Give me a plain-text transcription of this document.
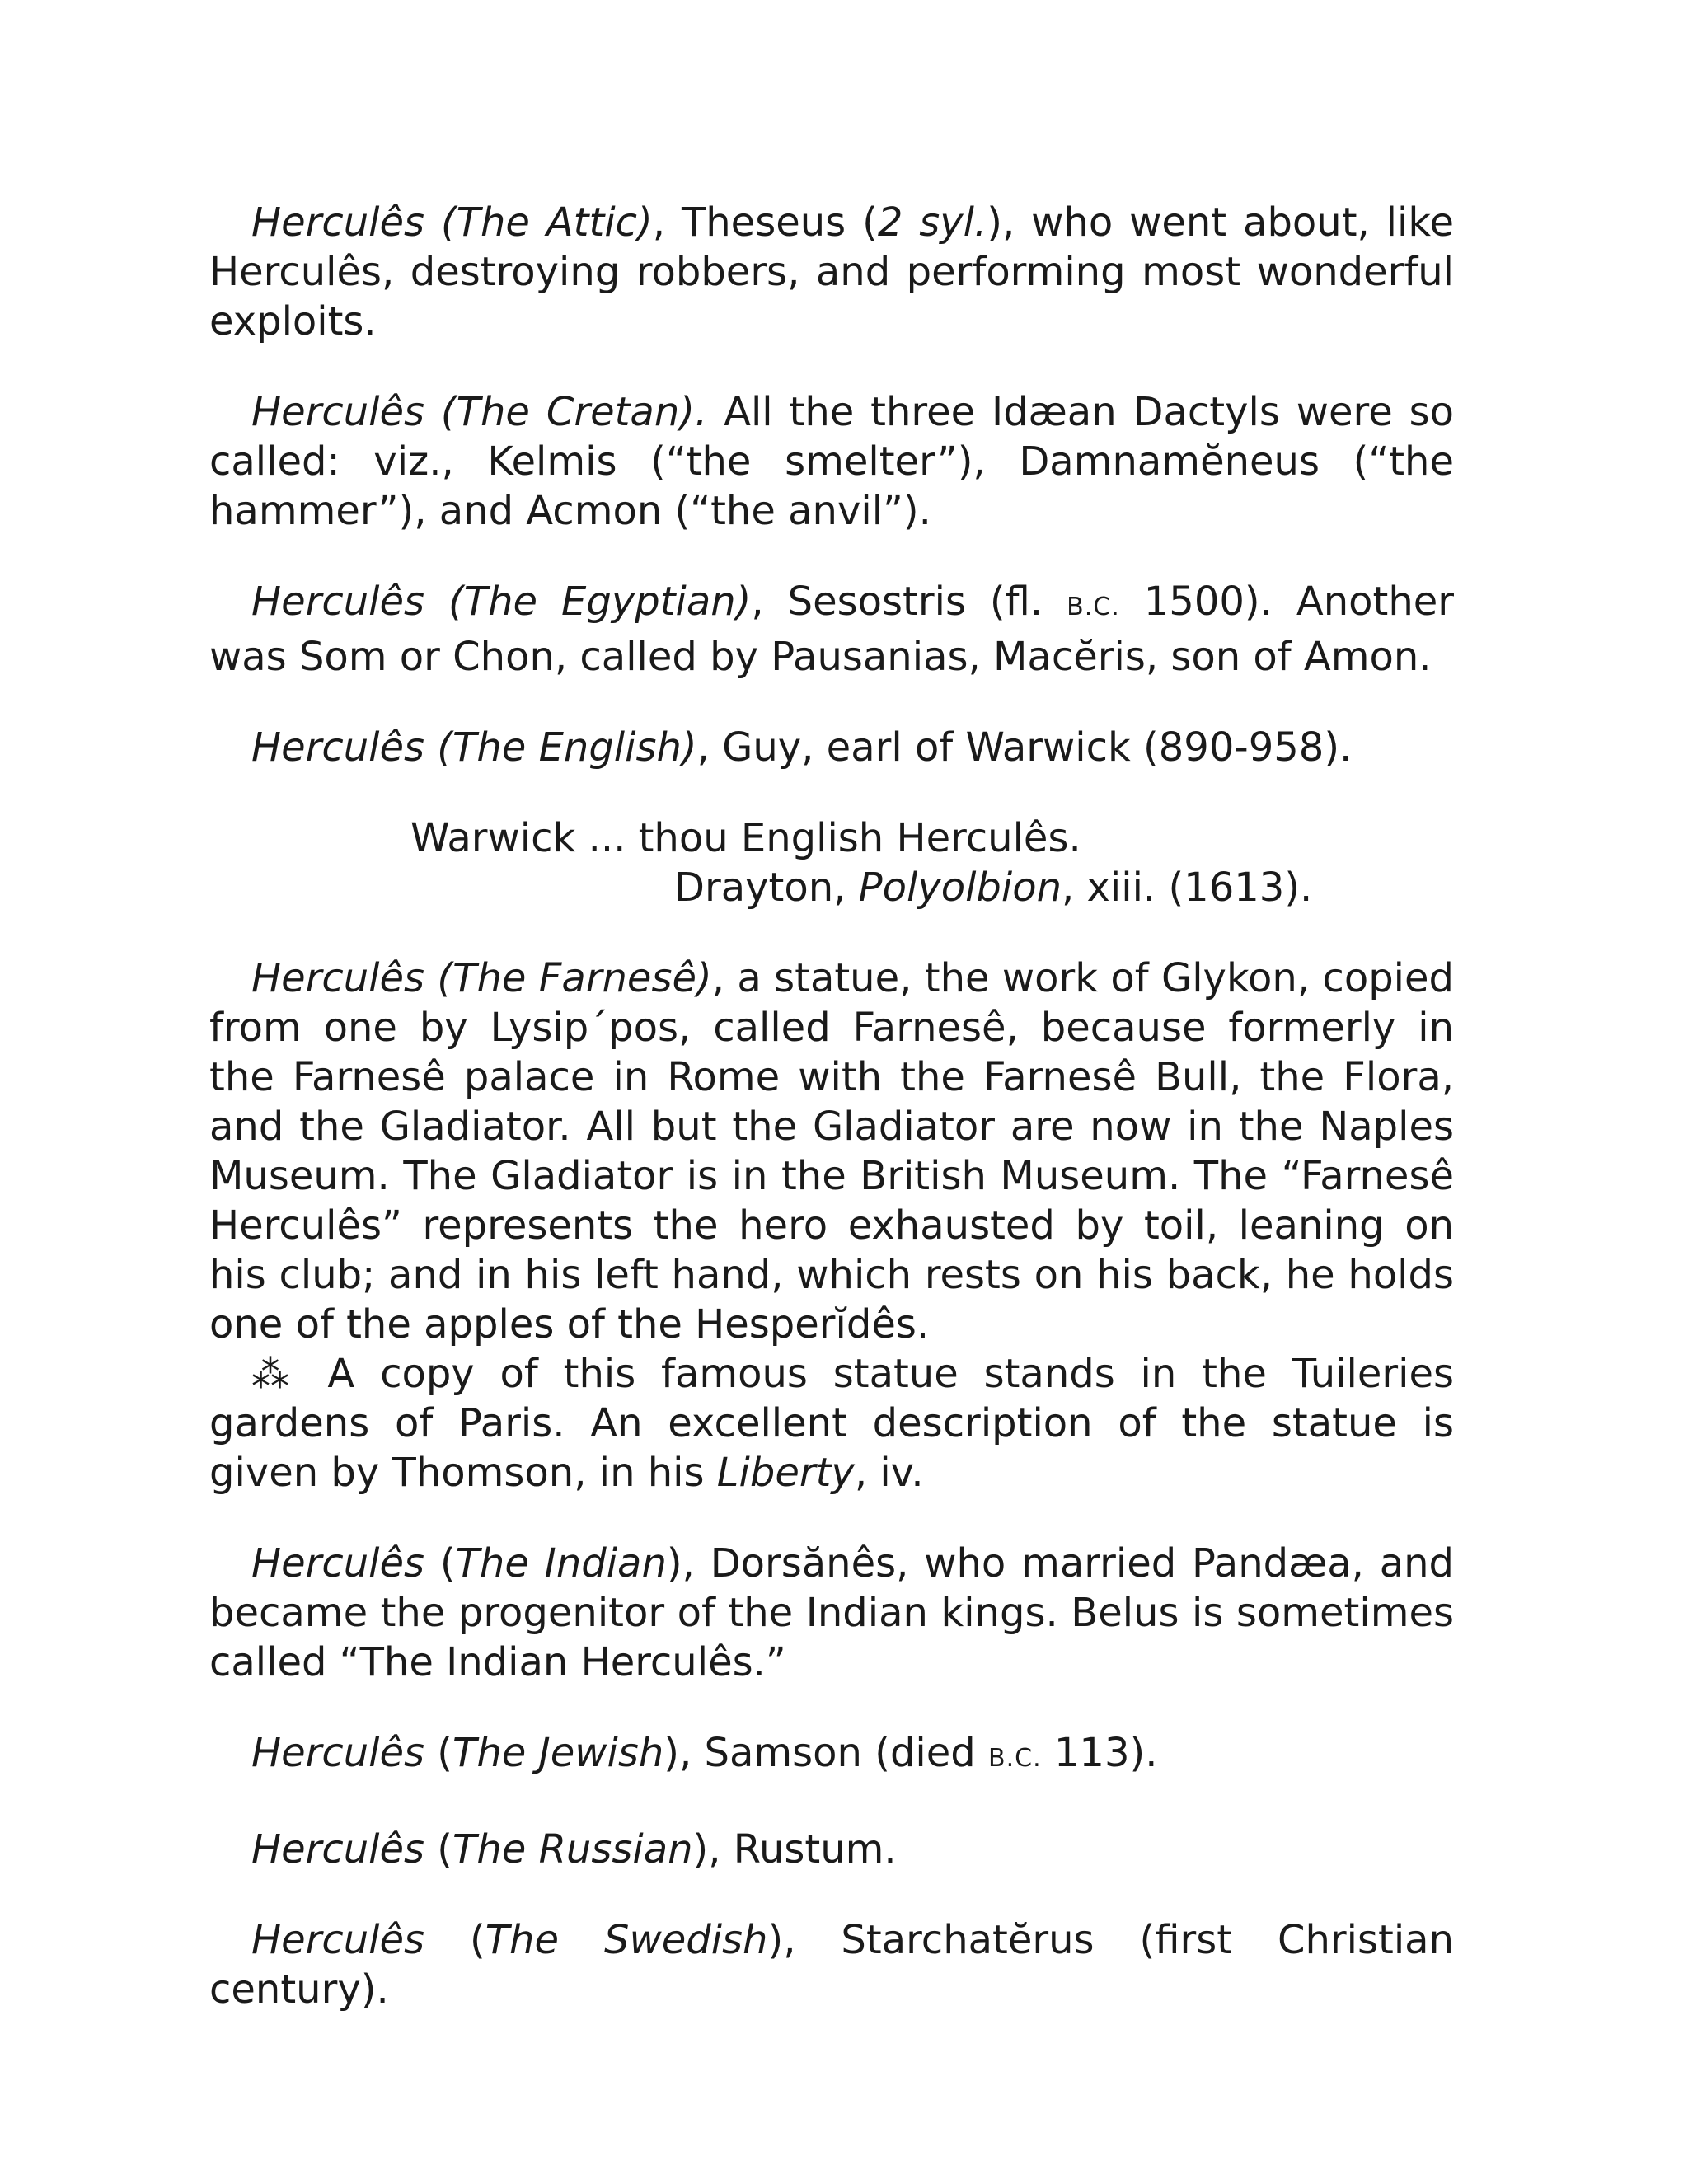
Herculês (The Attic), Theseus (2 syl.), who went about, like Herculês, destroying robbers, and performing most wonderful exploits.
Herculês (The Cretan). All the three Idæan Dactyls were so called: viz., Kelmis (“the smelter”), Damnamĕneus (“the hammer”), and Acmon (“the anvil”).
Herculês (The Egyptian), Sesostris (fl. B.C. 1500). Another was Som or Chon, called by Pausanias, Macĕris, son of Amon.
Herculês (The English), Guy, earl of Warwick (890-958).
Warwick ... thou English Herculês.
Drayton, Polyolbion, xiii. (1613).

Herculês (The Farnesê), a statue, the work of Glykon, copied from one by Lysip´pos, called Farnesê, because formerly in the Farnesê palace in Rome with the Farnesê Bull, the Flora, and the Gladiator. All but the Gladiator are now in the Naples Museum. The Gladiator is in the British Museum. The “Farnesê Herculês” represents the hero exhausted by toil, leaning on his club; and in his left hand, which rests on his back, he holds one of the apples of the Hesperĭdês.

⁂ A copy of this famous statue stands in the Tuileries gardens of Paris. An excellent description of the statue is given by Thomson, in his Liberty, iv.

Herculês (The Indian), Dorsănês, who married Pandæa, and became the progenitor of the Indian kings. Belus is sometimes called “The Indian Herculês.”
Herculês (The Jewish), Samson (died B.C. 113).
Herculês (The Russian), Rustum.
Herculês (The Swedish), Starchatĕrus (first Christian century).
